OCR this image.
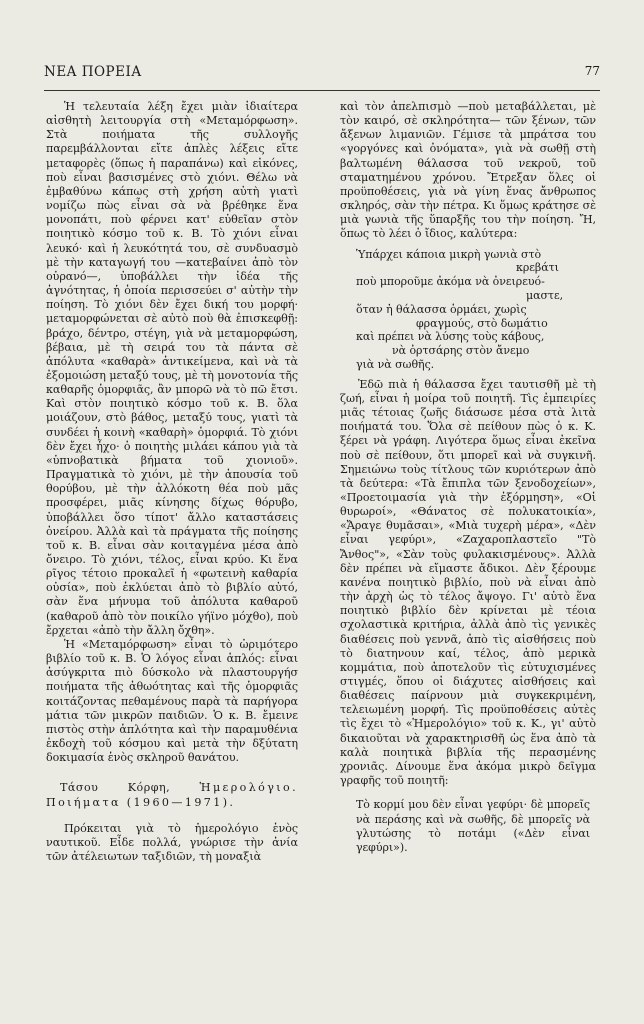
ΝΕΑ ΠΟΡΕΙΑ	77

Ἡ τελευταία λέξη ἔχει μιὰν ἰδιαίτερα αἰσθητὴ λειτουργία στὴ «Μεταμόρφωση». Στὰ ποιήματα τῆς συλλογῆς παρεμβάλλονται εἴτε ἁπλὲς λέξεις εἴτε μεταφορὲς (ὅπως ἡ παραπάνω) καὶ εἰκόνες, ποὺ εἶναι βασισμένες στὸ χιόνι. Θέλω νὰ ἐμβαθύνω κάπως στὴ χρήση αὐτὴ γιατὶ νομίζω πὼς εἶναι σὰ νὰ βρέθηκε ἕνα μονοπάτι, ποὺ φέρνει κατ' εὐθεῖαν στὸν ποιητικὸ κόσμο τοῦ κ. Β. Τὸ χιόνι εἶναι λευκό· καὶ ἡ λευκότητά του, σὲ συνδυασμὸ μὲ τὴν καταγωγή του —κατεβαίνει ἀπὸ τὸν οὐρανό—, ὑποβάλλει τὴν ἰδέα τῆς ἀγνότητας, ἡ ὁποία περισσεύει σ' αὐτὴν τὴν ποίηση. Τὸ χιόνι δὲν ἔχει δική του μορφή· μεταμορφώνεται σὲ αὐτὸ ποὺ θὰ ἐπισκεφθῇ: βράχο, δέντρο, στέγη, γιὰ νὰ μεταμορφώση, βέβαια, μὲ τὴ σειρά του τὰ πάντα σὲ ἀπόλυτα «καθαρὰ» ἀντικείμενα, καὶ νὰ τὰ ἐξομοιώση μεταξύ τους, μὲ τὴ μονοτονία τῆς καθαρῆς ὁμορφιᾶς, ἂν μπορῶ νὰ τὸ πῶ ἔτσι. Καὶ στὸν ποιητικὸ κόσμο τοῦ κ. Β. ὅλα μοιάζουν, στὸ βάθος, μεταξύ τους, γιατὶ τὰ συνδέει ἡ κοινὴ «καθαρὴ» ὁμορφιά. Τὸ χιόνι δὲν ἔχει ἦχο· ὁ ποιητὴς μιλάει κάπου γιὰ τὰ «ὑπνοβατικὰ βήματα τοῦ χιονιοῦ». Πραγματικὰ τὸ χιόνι, μὲ τὴν ἀπουσία τοῦ θορύβου, μὲ τὴν ἀλλόκοτη θέα ποὺ μᾶς προσφέρει, μιᾶς κίνησης δίχως θόρυβο, ὑποβάλλει ὅσο τίποτ' ἄλλο καταστάσεις ὀνείρου. Ἀλλὰ καὶ τὰ πράγματα τῆς ποίησης τοῦ κ. Β. εἶναι σὰν κοιταγμένα μέσα ἀπὸ ὄνειρο. Τὸ χιόνι, τέλος, εἶναι κρύο. Κι ἕνα ρῖγος τέτοιο προκαλεῖ ἡ «φωτεινὴ καθαρία οὐσία», ποὺ ἐκλύεται ἀπὸ τὸ βιβλίο αὐτό, σὰν ἕνα μήνυμα τοῦ ἀπόλυτα καθαροῦ (καθαροῦ ἀπὸ τὸν ποικίλο γήϊνο μόχθο), ποὺ ἔρχεται «ἀπὸ τὴν ἄλλη ὄχθη».

Ἡ «Μεταμόρφωση» εἶναι τὸ ὡριμότερο βιβλίο τοῦ κ. Β. Ὁ λόγος εἶναι ἁπλός: εἶναι ἀσύγκριτα πιὸ δύσκολο νὰ πλαστουργήσ ποιήματα τῆς ἀθωότητας καὶ τῆς ὁμορφιᾶς κοιτάζοντας πεθαμένους παρὰ τὰ παρήγορα μάτια τῶν μικρῶν παιδιῶν. Ὁ κ. Β. ἔμεινε πιστὸς στὴν ἁπλότητα καὶ τὴν παραμυθένια ἐκδοχὴ τοῦ κόσμου καὶ μετὰ τὴν δξύτατη δοκιμασία ἑνὸς σκληροῦ θανάτου.

Τάσου Κόρφη,	Ἡμερολόγιο. Ποιήματα (1960—1971).

Πρόκειται γιὰ τὸ ἡμερολόγιο ἑνὸς ναυτικοῦ. Εἶδε πολλά, γνώρισε τὴν ἀνία τῶν ἀτέλειωτων ταξιδιῶν, τὴ μοναξιὰ

καὶ τὸν ἀπελπισμὸ —ποὺ μεταβάλλεται, μὲ τὸν καιρό, σὲ σκληρότητα— τῶν ξένων, τῶν ἄξενων λιμανιῶν. Γέμισε τὰ μπράτσα του «γοργόνες καὶ ὀνόματα», γιὰ νὰ σωθῇ στὴ βαλτωμένη θάλασσα τοῦ νεκροῦ, τοῦ σταματημένου χρόνου. Ἔτρεξαν ὅλες οἱ προϋποθέσεις, γιὰ νὰ γίνη ἕνας ἄνθρωπος σκληρός, σὰν τὴν πέτρα. Κι ὅμως κράτησε σὲ μιὰ γωνιὰ τῆς ὕπαρξῆς του τὴν ποίηση. Ἤ, ὅπως τὸ λέει ὁ ἴδιος, καλύτερα:

Ὑπάρχει κάποια μικρὴ γωνιὰ στὸ
κρεβάτι
ποὺ μποροῦμε ἀκόμα νὰ ὀνειρευό-
μαστε,
ὅταν ἡ θάλασσα ὁρμάει, χωρὶς
φραγμούς, στὸ δωμάτιο
καὶ πρέπει νὰ λύσης τοὺς κάβους,
νὰ ὀρτσάρης στὸν ἄνεμο
γιὰ νὰ σωθῆς.

Ἐδῶ πιὰ ἡ θάλασσα ἔχει ταυτισθῆ μὲ τὴ ζωή, εἶναι ἡ μοίρα τοῦ ποιητῆ. Τὶς ἐμπειρίες μιᾶς τέτοιας ζωῆς διάσωσε μέσα στὰ λιτὰ ποιήματά του. Ὅλα σὲ πείθουν πὼς ὁ κ. Κ. ξέρει νὰ γράφη. Λιγότερα ὅμως εἶναι ἐκεῖνα ποὺ σὲ πείθουν, ὅτι μπορεῖ καὶ νὰ συγκινῆ. Σημειώνω τοὺς τίτλους τῶν κυριότερων ἀπὸ τὰ δεύτερα: «Τὰ ἔπιπλα τῶν ξενοδοχείων», «Προετοιμασία γιὰ τὴν ἐξόρμηση», «Οἱ θυρωροί», «Θάνατος σὲ πολυκατοικία», «Ἄραγε θυμᾶσαι», «Μιὰ τυχερὴ μέρα», «Δὲν εἶναι γεφύρι», «Ζαχαροπλαστεῖο "Τὸ Ἄνθος"», «Σὰν τοὺς φυλακισμένους». Ἀλλὰ δὲν πρέπει νὰ εἴμαστε ἄδικοι. Δὲν ξέρουμε κανένα ποιητικὸ βιβλίο, ποὺ νὰ εἶναι ἀπὸ τὴν ἀρχὴ ὡς τὸ τέλος ἄψογο. Γι' αὐτὸ ἕνα ποιητικὸ βιβλίο δὲν κρίνεται μὲ τέοια σχολαστικὰ κριτήρια, ἀλλὰ ἀπὸ τὶς γενικὲς διαθέσεις ποὺ γεννᾶ, ἀπὸ τὶς αἰσθήσεις ποὺ τὸ διατηνουν καί, τέλος, ἀπὸ μερικὰ κομμάτια, ποὺ ἀποτελοῦν τὶς εὐτυχισμένες στιγμές, ὅπου οἱ διάχυτες αἰσθήσεις καὶ διαθέσεις παίρνουν μιὰ συγκεκριμένη, τελειωμένη μορφή. Τὶς προϋποθέσεις αὐτὲς τὶς ἔχει τὸ «Ἡμερολόγιο» τοῦ κ. Κ., γι' αὐτὸ δικαιοῦται νὰ χαρακτηρισθῆ ὡς ἕνα ἀπὸ τὰ καλὰ ποιητικὰ βιβλία τῆς περασμένης χρονιᾶς. Δίνουμε ἕνα ἀκόμα μικρὸ δεῖγμα γραφῆς τοῦ ποιητῆ:

Τὸ κορμί μου δὲν εἶναι γεφύρι· δὲ μπορεῖς νὰ περάσης καὶ νὰ σωθῆς, δὲ μπορεῖς νὰ γλυτώσης τὸ ποτάμι («Δὲν εἶναι γεφύρι»).
